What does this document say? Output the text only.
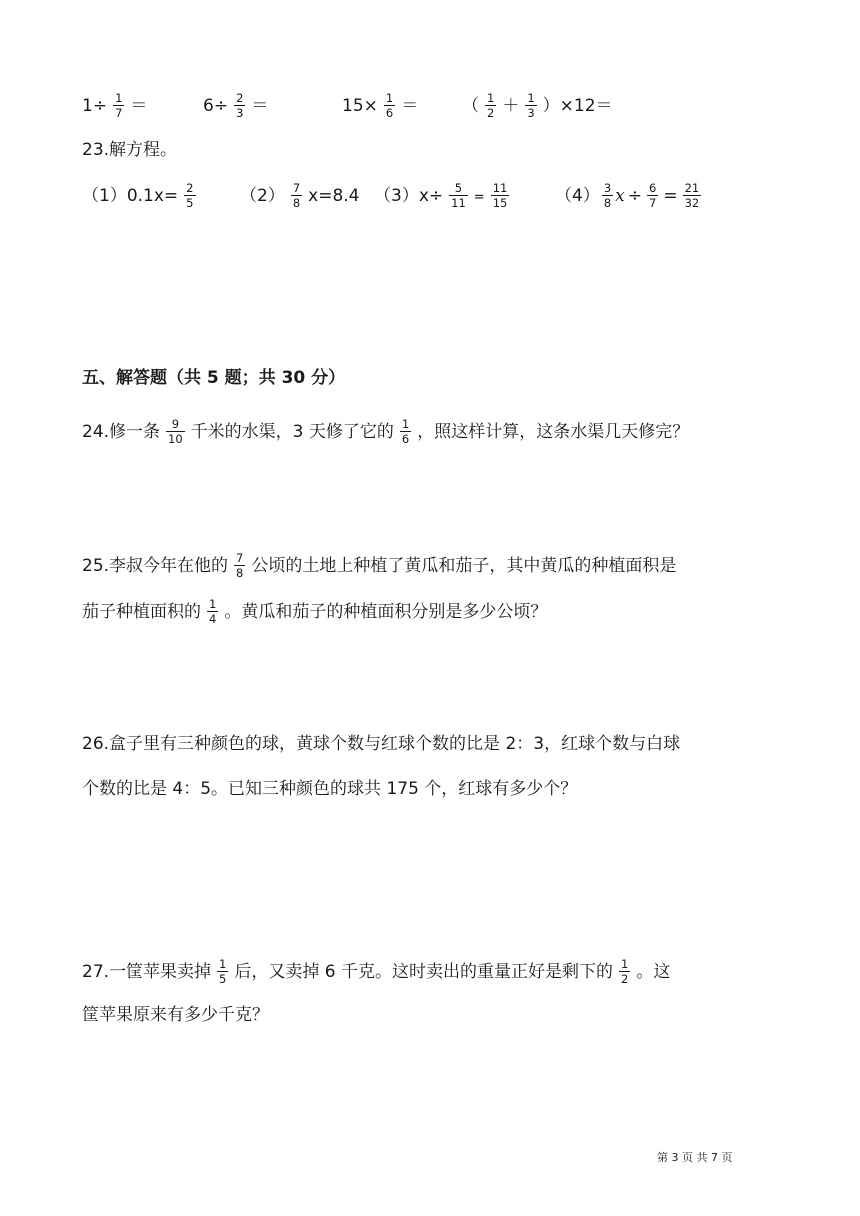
$1\div \frac{1}{7}$ ＝	$6\div \frac{2}{3}$ ＝	$15\times \frac{1}{6}$ ＝	（ $\frac{1}{2} + \frac{1}{3} )\times 12=$
23.解方程。
$(1)0.1x= \frac{2}{5}$	$(2) \frac{7}{8} x=8.4$ $(3)x\div \frac{5}{11} = \frac{11}{15}$	$(4) \frac{3}{8}$ $x \div \frac{6}{7} = \frac{21}{32}$
五、解答题（共 5 题；共 30 分）
24.修一条 $\frac{9}{10}$ 千米的水渠，3 天修了它的 $\frac{1}{6}$ ，照这样计算，这条水渠几天修完？
25.李叔今年在他的 $\frac{7}{8}$ 公顷的土地上种植了黄瓜和茄子，其中黄瓜的种植面积是
茄子种植面积的 $\frac{1}{4}$ 。黄瓜和茄子的种植面积分别是多少公顷？
26.盒子里有三种颜色的球，黄球个数与红球个数的比是 2：3，红球个数与白球
个数的比是 4：5。已知三种颜色的球共 175 个，红球有多少个？
27.一筐苹果卖掉 $\frac{1}{5}$ 后，又卖掉 6 千克。这时卖出的重量正好是剩下的 $\frac{1}{2}$ 。这
筐苹果原来有多少千克？
第 3 页 共 7 页
